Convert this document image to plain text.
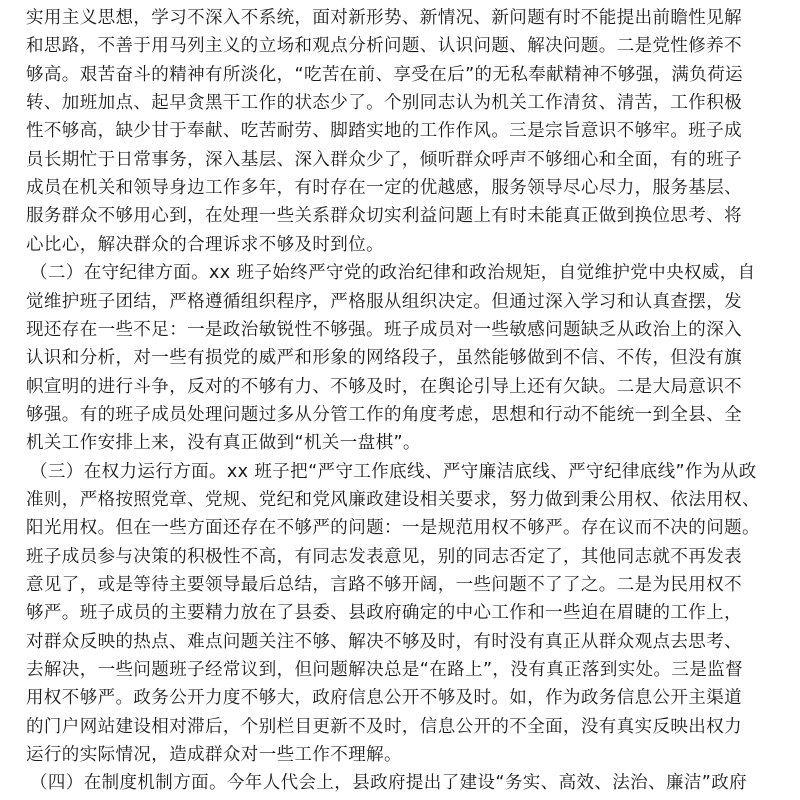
实用主义思想，学习不深入不系统，面对新形势、新情况、新问题有时不能提出前瞻性见解
和思路，不善于用马列主义的立场和观点分析问题、认识问题、解决问题。二是党性修养不
够高。艰苦奋斗的精神有所淡化，“吃苦在前、享受在后”的无私奉献精神不够强，满负荷运
转、加班加点、起早贪黑干工作的状态少了。个别同志认为机关工作清贫、清苦，工作积极
性不够高，缺少甘于奉献、吃苦耐劳、脚踏实地的工作作风。三是宗旨意识不够牢。班子成
员长期忙于日常事务，深入基层、深入群众少了，倾听群众呼声不够细心和全面，有的班子
成员在机关和领导身边工作多年，有时存在一定的优越感，服务领导尽心尽力，服务基层、
服务群众不够用心到，在处理一些关系群众切实利益问题上有时未能真正做到换位思考、将
心比心，解决群众的合理诉求不够及时到位。
（二）在守纪律方面。xx 班子始终严守党的政治纪律和政治规矩，自觉维护党中央权威，自
觉维护班子团结，严格遵循组织程序，严格服从组织决定。但通过深入学习和认真查摆，发
现还存在一些不足：一是政治敏锐性不够强。班子成员对一些敏感问题缺乏从政治上的深入
认识和分析，对一些有损党的威严和形象的网络段子，虽然能够做到不信、不传，但没有旗
帜宣明的进行斗争，反对的不够有力、不够及时，在舆论引导上还有欠缺。二是大局意识不
够强。有的班子成员处理问题过多从分管工作的角度考虑，思想和行动不能统一到全县、全
机关工作安排上来，没有真正做到“机关一盘棋”。
（三）在权力运行方面。xx 班子把“严守工作底线、严守廉洁底线、严守纪律底线”作为从政
准则，严格按照党章、党规、党纪和党风廉政建设相关要求，努力做到秉公用权、依法用权、
阳光用权。但在一些方面还存在不够严的问题：一是规范用权不够严。存在议而不决的问题。
班子成员参与决策的积极性不高，有同志发表意见，别的同志否定了，其他同志就不再发表
意见了，或是等待主要领导最后总结，言路不够开阔，一些问题不了了之。二是为民用权不
够严。班子成员的主要精力放在了县委、县政府确定的中心工作和一些迫在眉睫的工作上，
对群众反映的热点、难点问题关注不够、解决不够及时，有时没有真正从群众观点去思考、
去解决，一些问题班子经常议到，但问题解决总是“在路上”，没有真正落到实处。三是监督
用权不够严。政务公开力度不够大，政府信息公开不够及时。如，作为政务信息公开主渠道
的门户网站建设相对滞后，个别栏目更新不及时，信息公开的不全面，没有真实反映出权力
运行的实际情况，造成群众对一些工作不理解。
（四）在制度机制方面。今年人代会上，县政府提出了建设“务实、高效、法治、廉洁”政府
